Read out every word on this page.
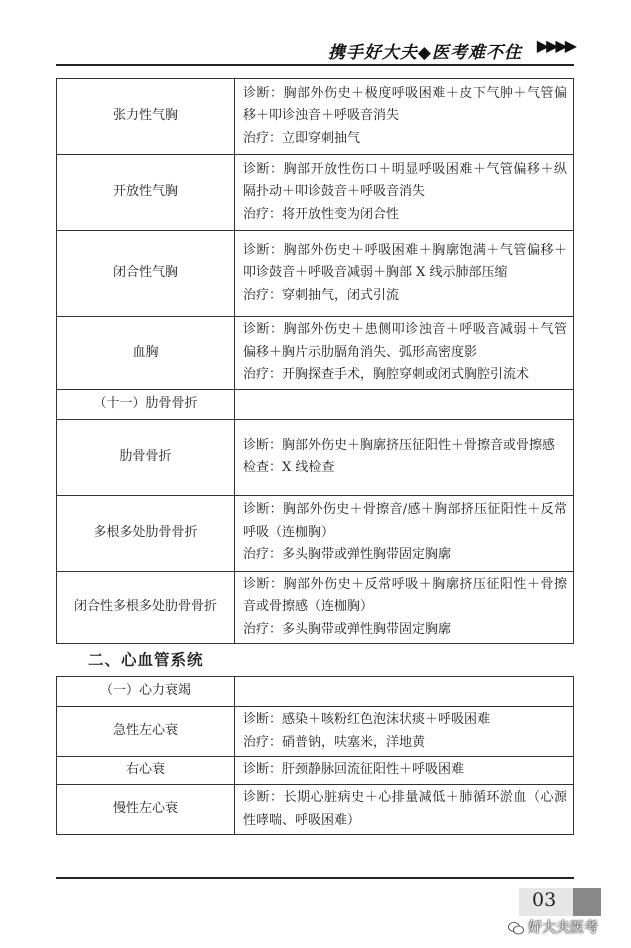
携手好大夫◆医考难不住 ▶▶▶▶
张力性气胸	诊断：胸部外伤史＋极度呼吸困难＋皮下气肿＋气管偏移＋叩诊浊音＋呼吸音消失
治疗：立即穿刺抽气

开放性气胸	诊断：胸部开放性伤口＋明显呼吸困难＋气管偏移＋纵隔扑动＋叩诊鼓音＋呼吸音消失
治疗：将开放性变为闭合性

闭合性气胸	诊断：胸部外伤史＋呼吸困难＋胸廓饱满＋气管偏移＋叩诊鼓音＋呼吸音减弱＋胸部 X 线示肺部压缩
治疗：穿刺抽气，闭式引流

血胸	诊断：胸部外伤史＋患侧叩诊浊音＋呼吸音减弱＋气管偏移＋胸片示肋膈角消失、弧形高密度影
治疗：开胸探查手术，胸腔穿刺或闭式胸腔引流术

（十一）肋骨骨折	

肋骨骨折	诊断：胸部外伤史＋胸廓挤压征阳性＋骨擦音或骨擦感
检查：X 线检查

多根多处肋骨骨折	诊断：胸部外伤史＋骨擦音/感＋胸部挤压征阳性＋反常呼吸（连枷胸）
治疗：多头胸带或弹性胸带固定胸廓

闭合性多根多处肋骨骨折	诊断：胸部外伤史＋反常呼吸＋胸廓挤压征阳性＋骨擦音或骨擦感（连枷胸）
治疗：多头胸带或弹性胸带固定胸廓
二、心血管系统
（一）心力衰竭	

急性左心衰	诊断：感染＋咳粉红色泡沫状痰＋呼吸困难
治疗：硝普钠，呋塞米，洋地黄

右心衰	诊断：肝颈静脉回流征阳性＋呼吸困难

慢性左心衰	诊断：长期心脏病史＋心排量减低＋肺循环淤血（心源性哮喘、呼吸困难）
03
好大夫医考
